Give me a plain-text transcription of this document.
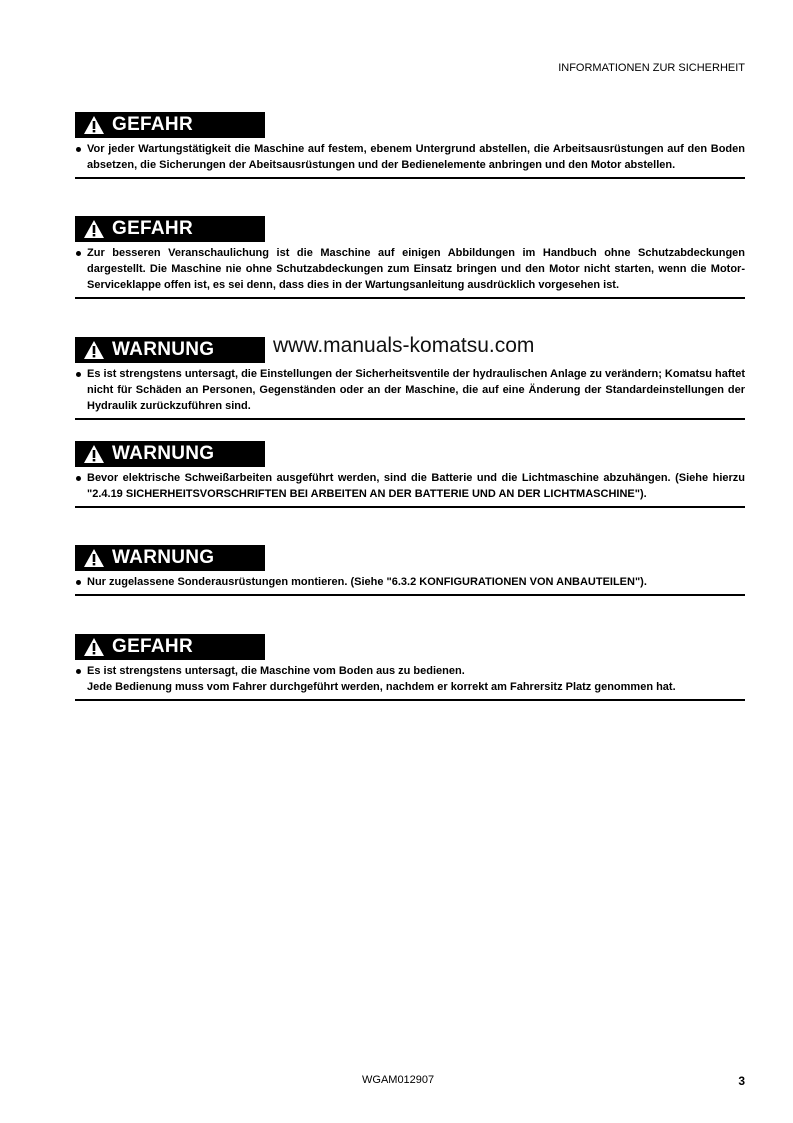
INFORMATIONEN ZUR SICHERHEIT
GEFAHR

Vor jeder Wartungstätigkeit die Maschine auf festem, ebenem Untergrund abstellen, die Arbeitsausrüstungen auf den Boden absetzen, die Sicherungen der Abeitsausrüstungen und der Bedienelemente anbringen und den Motor abstellen.

GEFAHR

Zur besseren Veranschaulichung ist die Maschine auf einigen Abbildungen im Handbuch ohne Schutzabdeckungen dargestellt. Die Maschine nie ohne Schutzabdeckungen zum Einsatz bringen und den Motor nicht starten, wenn die Motor-Serviceklappe offen ist, es sei denn, dass dies in der Wartungsanleitung ausdrücklich vorgesehen ist.

www.manuals-komatsu.com
WARNUNG

Es ist strengstens untersagt, die Einstellungen der Sicherheitsventile der hydraulischen Anlage zu verändern; Komatsu haftet nicht für Schäden an Personen, Gegenständen oder an der Maschine, die auf eine Änderung der Standardeinstellungen der Hydraulik zurückzuführen sind.

WARNUNG

Bevor elektrische Schweißarbeiten ausgeführt werden, sind die Batterie und die Lichtmaschine abzuhängen. (Siehe hierzu "2.4.19 SICHERHEITSVORSCHRIFTEN BEI ARBEITEN AN DER BATTERIE UND AN DER LICHTMASCHINE").

WARNUNG

Nur zugelassene Sonderausrüstungen montieren. (Siehe "6.3.2 KONFIGURATIONEN VON ANBAUTEILEN").

GEFAHR

Es ist strengstens untersagt, die Maschine vom Boden aus zu bedienen.

Jede Bedienung muss vom Fahrer durchgeführt werden, nachdem er korrekt am Fahrersitz Platz genommen hat.

WGAM012907	3
